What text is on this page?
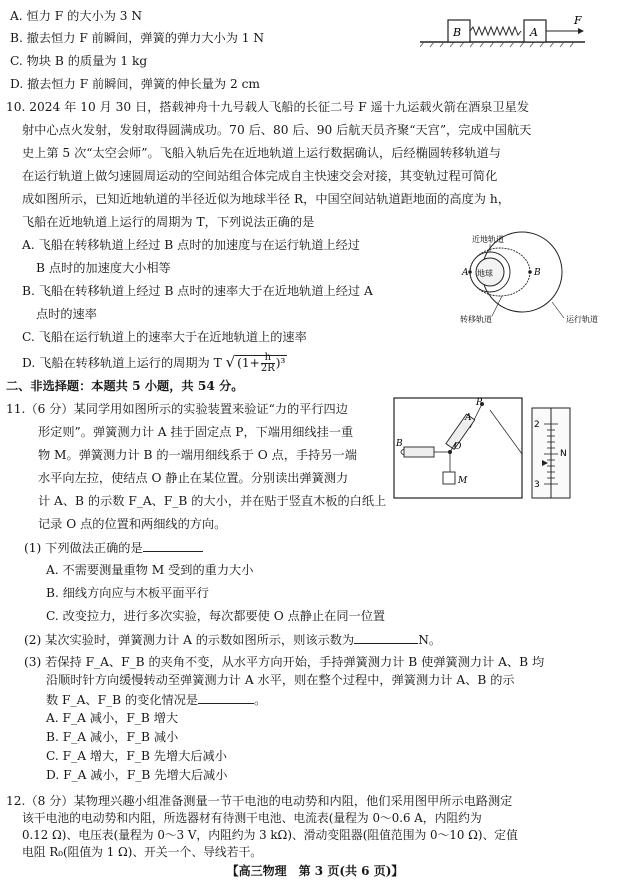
A. 恒力 F 的大小为 3 N
B. 撤去恒力 F 前瞬间，弹簧的弹力大小为 1 N
C. 物块 B 的质量为 1 kg
D. 撤去恒力 F 前瞬间，弹簧的伸长量为 2 cm
B	A
F
10. 2024 年 10 月 30 日，搭载神舟十九号载人飞船的长征二号 F 遥十九运载火箭在酒泉卫星发
射中心点火发射，发射取得圆满成功。70 后、80 后、90 后航天员齐聚“天宫”，完成中国航天
史上第 5 次“太空会师”。飞船入轨后先在近地轨道上运行数据确认，后经椭圆转移轨道与
在运行轨道上做匀速圆周运动的空间站组合体完成自主快速交会对接，其变轨过程可简化
成如图所示，已知近地轨道的半径近似为地球半径 R，中国空间站轨道距地面的高度为 h，
飞船在近地轨道上运行的周期为 T，下列说法正确的是
A. 飞船在转移轨道上经过 B 点时的加速度与在运行轨道上经过
B 点时的加速度大小相等
B. 飞船在转移轨道上经过 B 点时的速率大于在近地轨道上经过 A
点时的速率
C. 飞船在运行轨道上的速率大于在近地轨道上的速率
D. 飞船在转移轨道上运行的周期为 T √ $(1+ \frac{h}{2R} )^3$
地球
近地轨道
转移轨道	运行轨道
A	B
二、非选择题：本题共 5 小题，共 54 分。
11.（6 分）某同学用如图所示的实验装置来验证“力的平行四边
形定则”。弹簧测力计 A 挂于固定点 P，下端用细线挂一重
物 M。弹簧测力计 B 的一端用细线系于 O 点，手持另一端
水平向左拉，使结点 O 静止在某位置。分别读出弹簧测力
计 A、B 的示数 F_A、F_B 的大小，并在贴于竖直木板的白纸上
记录 O 点的位置和两细线的方向。
P
A
B	O
M
2
3
N
(1) 下列做法正确的是
A. 不需要测量重物 M 受到的重力大小
B. 细线方向应与木板平面平行
C. 改变拉力，进行多次实验，每次都要使 O 点静止在同一位置
(2) 某次实验时，弹簧测力计 A 的示数如图所示，则该示数为	N。
(3) 若保持 F_A、F_B 的夹角不变，从水平方向开始，手持弹簧测力计 B 使弹簧测力计 A、B 均
沿顺时针方向缓慢转动至弹簧测力计 A 水平，则在整个过程中，弹簧测力计 A、B 的示
数 F_A、F_B 的变化情况是	。
A. F_A 减小，F_B 增大
B. F_A 减小，F_B 减小
C. F_A 增大，F_B 先增大后减小
D. F_A 减小，F_B 先增大后减小
12.（8 分）某物理兴趣小组准备测量一节干电池的电动势和内阻，他们采用图甲所示电路测定
该干电池的电动势和内阻，所选器材有待测干电池、电流表(量程为 0～0.6 A，内阻约为
【高三物理　第 3 页(共 6 页)】
0.12 Ω)、电压表(量程为 0～3 V，内阻约为 3 kΩ)、滑动变阻器(阻值范围为 0～10 Ω)、定值
电阻 R₀(阻值为 1 Ω)、开关一个、导线若干。
